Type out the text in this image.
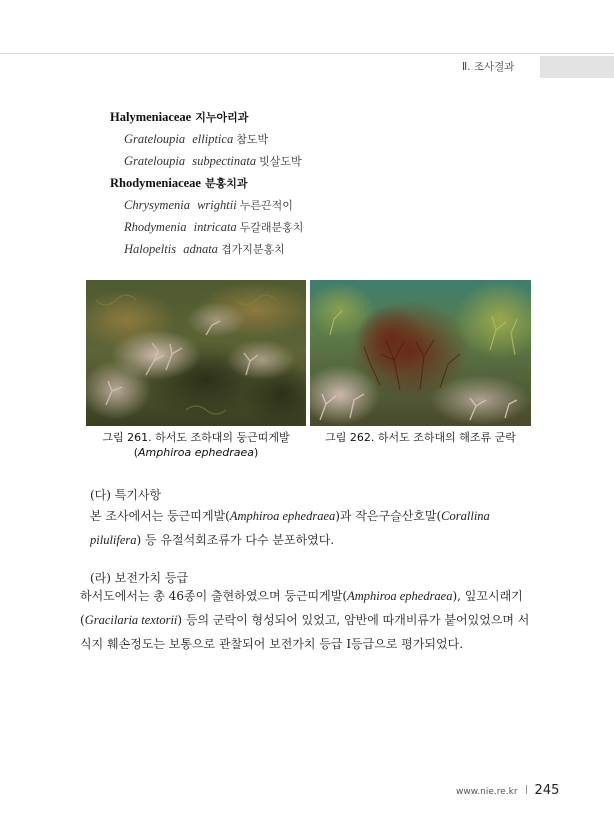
Ⅱ. 조사결과
Halymeniaceae 지누아리과
Grateloupia elliptica 참도박
Grateloupia subpectinata 빗살도박
Rhodymeniaceae 분홍치과
Chrysymenia wrightii 누른끈적이
Rhodymenia intricata 두갈래분홍치
Halopeltis adnata 겹가지분홍치
그림 261. 하서도 조하대의 둥근띠게발
(Amphiroa ephedraea)
그림 262. 하서도 조하대의 해조류 군락
(다) 특기사항
본 조사에서는 둥근띠게발(Amphiroa ephedraea)과 작은구슬산호말(Corallina pilulifera) 등 유절석회조류가 다수 분포하였다.
(라) 보전가치 등급
하서도에서는 총 46종이 출현하였으며 둥근띠게발(Amphiroa ephedraea), 잎꼬시래기(Gracilaria textorii) 등의 군락이 형성되어 있었고, 암반에 따개비류가 붙어있었으며 서식지 훼손정도는 보통으로 관찰되어 보전가치 등급 Ⅰ등급으로 평가되었다.
www.nie.re.kr 245
